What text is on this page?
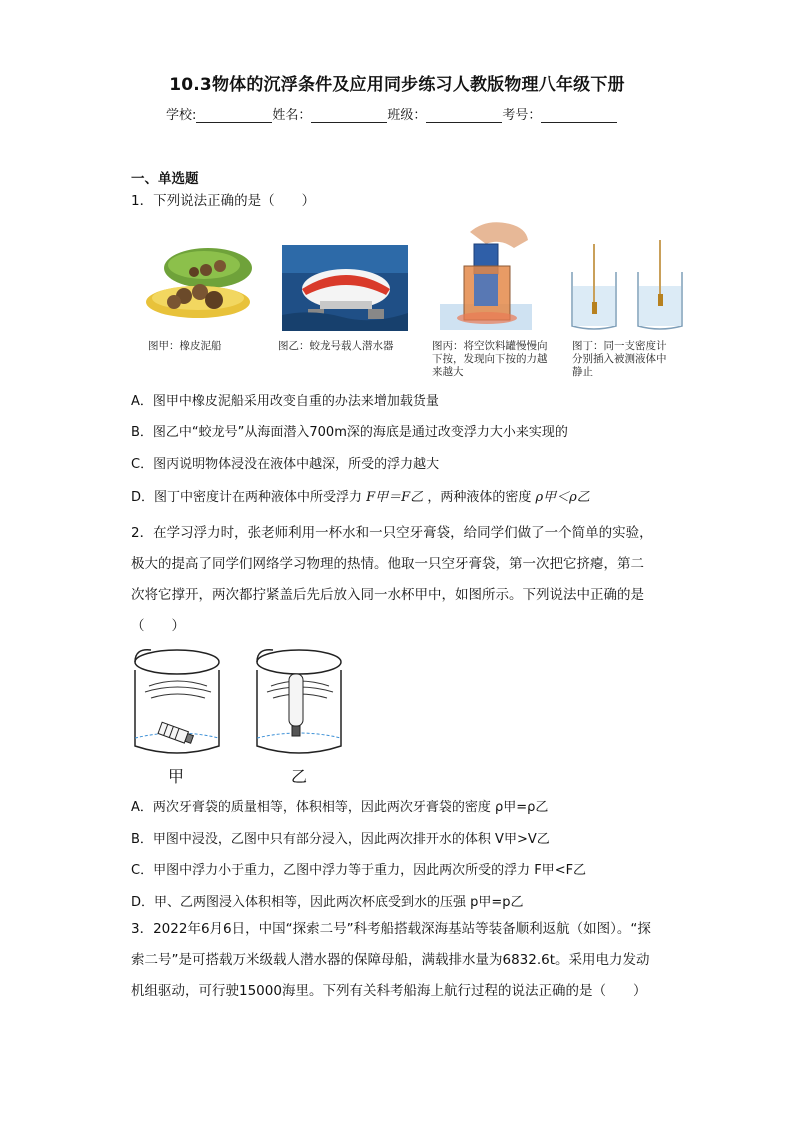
10.3物体的沉浮条件及应用同步练习人教版物理八年级下册
学校:	姓名：	班级：	考号：
一、单选题
1．下列说法正确的是（　　）
图甲：橡皮泥船	图乙：蛟龙号载人潜水器	图丙：将空饮料罐慢慢向
下按，发现向下按的力越
来越大
图丁：同一支密度计
分别插入被测液体中
静止
A．图甲中橡皮泥船采用改变自重的办法来增加载货量
B．图乙中“蛟龙号”从海面潜入700m深的海底是通过改变浮力大小来实现的
C．图丙说明物体浸没在液体中越深，所受的浮力越大
D．图丁中密度计在两种液体中所受浮力 F甲＝F乙 ，两种液体的密度 ρ甲＜ρ乙
2．在学习浮力时，张老师利用一杯水和一只空牙膏袋，给同学们做了一个简单的实验，
极大的提高了同学们网络学习物理的热情。他取一只空牙膏袋，第一次把它挤瘪，第二
次将它撑开，两次都拧紧盖后先后放入同一水杯甲中，如图所示。下列说法中正确的是
（　　）
甲	乙
A．两次牙膏袋的质量相等，体积相等，因此两次牙膏袋的密度 ρ甲=ρ乙
B．甲图中浸没，乙图中只有部分浸入，因此两次排开水的体积 V甲>V乙
C．甲图中浮力小于重力，乙图中浮力等于重力，因此两次所受的浮力 F甲<F乙
D．甲、乙两图浸入体积相等，因此两次杯底受到水的压强 p甲=p乙
3．2022年6月6日，中国“探索二号”科考船搭载深海基站等装备顺利返航（如图）。“探
索二号”是可搭载万米级载人潜水器的保障母船，满载排水量为6832.6t。采用电力发动
机组驱动，可行驶15000海里。下列有关科考船海上航行过程的说法正确的是（　　）
